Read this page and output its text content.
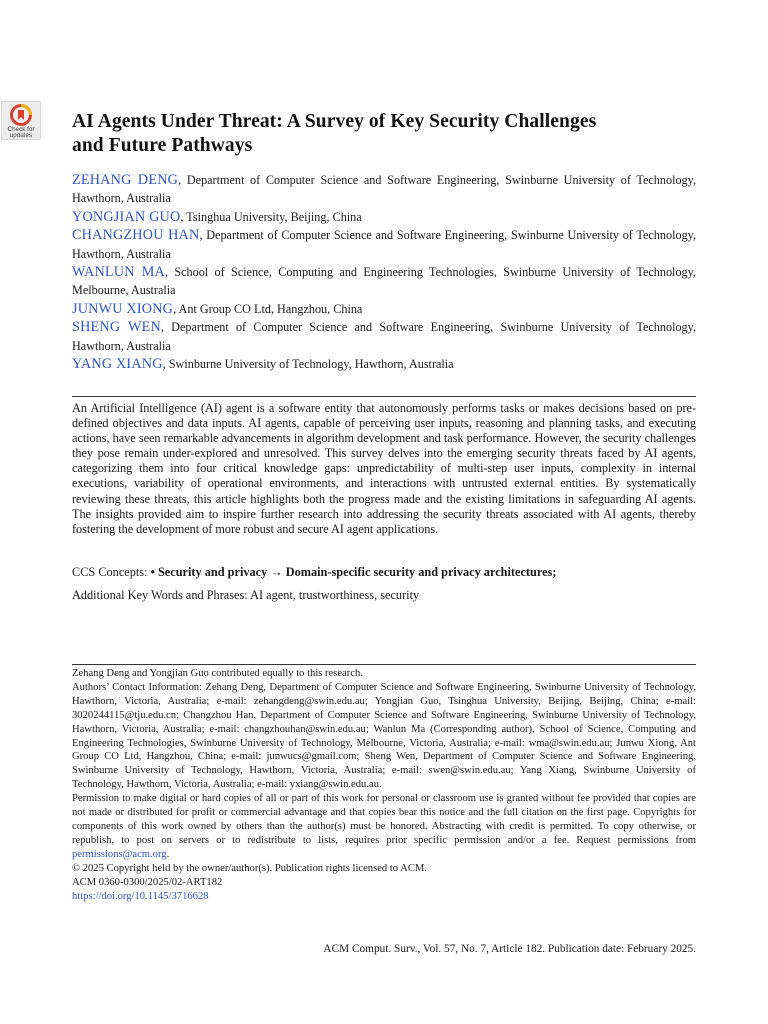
Check for
updates
AI Agents Under Threat: A Survey of Key Security Challenges and Future Pathways
ZEHANG DENG, Department of Computer Science and Software Engineering, Swinburne University of Technology, Hawthorn, Australia
YONGJIAN GUO, Tsinghua University, Beijing, China
CHANGZHOU HAN, Department of Computer Science and Software Engineering, Swinburne University of Technology, Hawthorn, Australia
WANLUN MA, School of Science, Computing and Engineering Technologies, Swinburne University of Technology, Melbourne, Australia
JUNWU XIONG, Ant Group CO Ltd, Hangzhou, China
SHENG WEN, Department of Computer Science and Software Engineering, Swinburne University of Technology, Hawthorn, Australia
YANG XIANG, Swinburne University of Technology, Hawthorn, Australia

An Artificial Intelligence (AI) agent is a software entity that autonomously performs tasks or makes decisions based on pre-defined objectives and data inputs. AI agents, capable of perceiving user inputs, reasoning and planning tasks, and executing actions, have seen remarkable advancements in algorithm development and task performance. However, the security challenges they pose remain under-explored and unresolved. This survey delves into the emerging security threats faced by AI agents, categorizing them into four critical knowledge gaps: unpredictability of multi-step user inputs, complexity in internal executions, variability of operational environments, and interactions with untrusted external entities. By systematically reviewing these threats, this article highlights both the progress made and the existing limitations in safeguarding AI agents. The insights provided aim to inspire further research into addressing the security threats associated with AI agents, thereby fostering the development of more robust and secure AI agent applications.

CCS Concepts: • Security and privacy → Domain-specific security and privacy architectures;
Additional Key Words and Phrases: AI agent, trustworthiness, security

Zehang Deng and Yongjian Guo contributed equally to this research.

Authors’ Contact Information: Zehang Deng, Department of Computer Science and Software Engineering, Swinburne University of Technology, Hawthorn, Victoria, Australia; e-mail: zehangdeng@swin.edu.au; Yongjian Guo, Tsinghua University, Beijing, Beijing, China; e-mail: 3020244115@tju.edu.cn; Changzhou Han, Department of Computer Science and Software Engineering, Swinburne University of Technology, Hawthorn, Victoria, Australia; e-mail: changzhouhan@swin.edu.au; Wanlun Ma (Corresponding author), School of Science, Computing and Engineering Technologies, Swinburne University of Technology, Melbourne, Victoria, Australia; e-mail: wma@swin.edu.au; Junwu Xiong, Ant Group CO Ltd, Hangzhou, China; e-mail: junwucs@gmail.com; Sheng Wen, Department of Computer Science and Software Engineering, Swinburne University of Technology, Hawthorn, Victoria, Australia; e-mail: swen@swin.edu.au; Yang Xiang, Swinburne University of Technology, Hawthorn, Victoria, Australia; e-mail: yxiang@swin.edu.au.

Permission to make digital or hard copies of all or part of this work for personal or classroom use is granted without fee provided that copies are not made or distributed for profit or commercial advantage and that copies bear this notice and the full citation on the first page. Copyrights for components of this work owned by others than the author(s) must be honored. Abstracting with credit is permitted. To copy otherwise, or republish, to post on servers or to redistribute to lists, requires prior specific permission and/or a fee. Request permissions from permissions@acm.org.

© 2025 Copyright held by the owner/author(s). Publication rights licensed to ACM.

ACM 0360-0300/2025/02-ART182

https://doi.org/10.1145/3716628

ACM Comput. Surv., Vol. 57, No. 7, Article 182. Publication date: February 2025.
